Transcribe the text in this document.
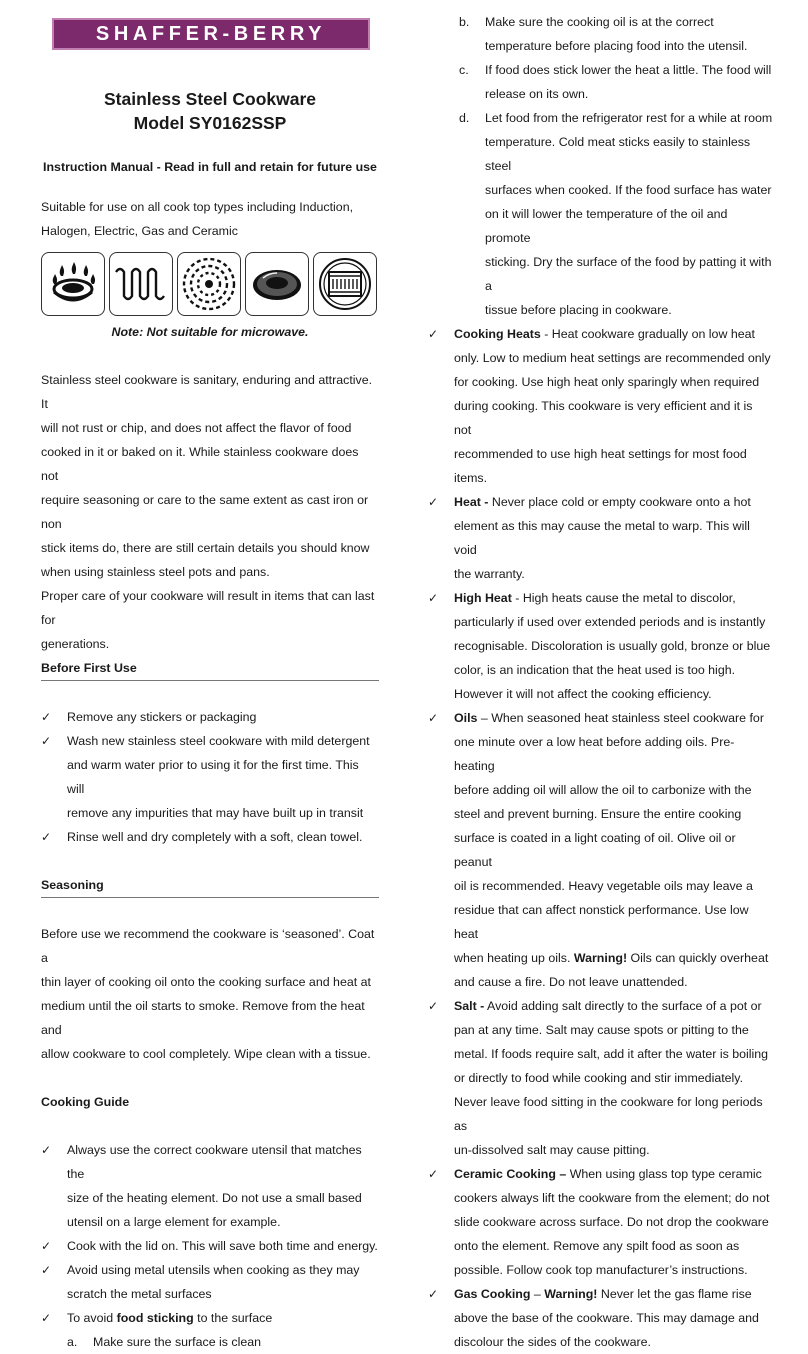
SHAFFER-BERRY
Stainless Steel Cookware
Model SY0162SSP
Instruction Manual - Read in full and retain for future use
Suitable for use on all cook top types including Induction,
Halogen, Electric, Gas and Ceramic
Note: Not suitable for microwave.
Stainless steel cookware is sanitary, enduring and attractive. It
will not rust or chip, and does not affect the flavor of food
cooked in it or baked on it. While stainless cookware does not
require seasoning or care to the same extent as cast iron or non
stick items do, there are still certain details you should know
when using stainless steel pots and pans.
Proper care of your cookware will result in items that can last for
generations.
Before First Use
✓ Remove any stickers or packaging
✓ Wash new stainless steel cookware with mild detergent
and warm water prior to using it for the first time. This will
remove any impurities that may have built up in transit
✓ Rinse well and dry completely with a soft, clean towel.
Seasoning
Before use we recommend the cookware is ‘seasoned’. Coat a
thin layer of cooking oil onto the cooking surface and heat at
medium until the oil starts to smoke. Remove from the heat and
allow cookware to cool completely. Wipe clean with a tissue.
Cooking Guide
✓ Always use the correct cookware utensil that matches the
size of the heating element. Do not use a small based
utensil on a large element for example.
✓ Cook with the lid on. This will save both time and energy.
✓ Avoid using metal utensils when cooking as they may
scratch the metal surfaces
✓ To avoid food sticking to the surface
a. Make sure the surface is clean
b. Make sure the cooking oil is at the correct
temperature before placing food into the utensil.
c. If food does stick lower the heat a little. The food will
release on its own.
d. Let food from the refrigerator rest for a while at room
temperature. Cold meat sticks easily to stainless steel
surfaces when cooked. If the food surface has water
on it will lower the temperature of the oil and promote
sticking. Dry the surface of the food by patting it with a
tissue before placing in cookware.
✓ Cooking Heats - Heat cookware gradually on low heat
only. Low to medium heat settings are recommended only
for cooking. Use high heat only sparingly when required
during cooking. This cookware is very efficient and it is not
recommended to use high heat settings for most food
items.
✓ Heat - Never place cold or empty cookware onto a hot
element as this may cause the metal to warp. This will void
the warranty.
✓ High Heat - High heats cause the metal to discolor,
particularly if used over extended periods and is instantly
recognisable. Discoloration is usually gold, bronze or blue
color, is an indication that the heat used is too high.
However it will not affect the cooking efficiency.
✓ Oils – When seasoned heat stainless steel cookware for
one minute over a low heat before adding oils. Pre-heating
before adding oil will allow the oil to carbonize with the
steel and prevent burning. Ensure the entire cooking
surface is coated in a light coating of oil. Olive oil or peanut
oil is recommended. Heavy vegetable oils may leave a
residue that can affect nonstick performance. Use low heat
when heating up oils. Warning! Oils can quickly overheat
and cause a fire. Do not leave unattended.
✓ Salt - Avoid adding salt directly to the surface of a pot or
pan at any time. Salt may cause spots or pitting to the
metal. If foods require salt, add it after the water is boiling
or directly to food while cooking and stir immediately.
Never leave food sitting in the cookware for long periods as
un-dissolved salt may cause pitting.
✓ Ceramic Cooking – When using glass top type ceramic
cookers always lift the cookware from the element; do not
slide cookware across surface. Do not drop the cookware
onto the element. Remove any spilt food as soon as
possible. Follow cook top manufacturer’s instructions.
✓ Gas Cooking – Warning! Never let the gas flame rise
above the base of the cookware. This may damage and
discolour the sides of the cookware.
